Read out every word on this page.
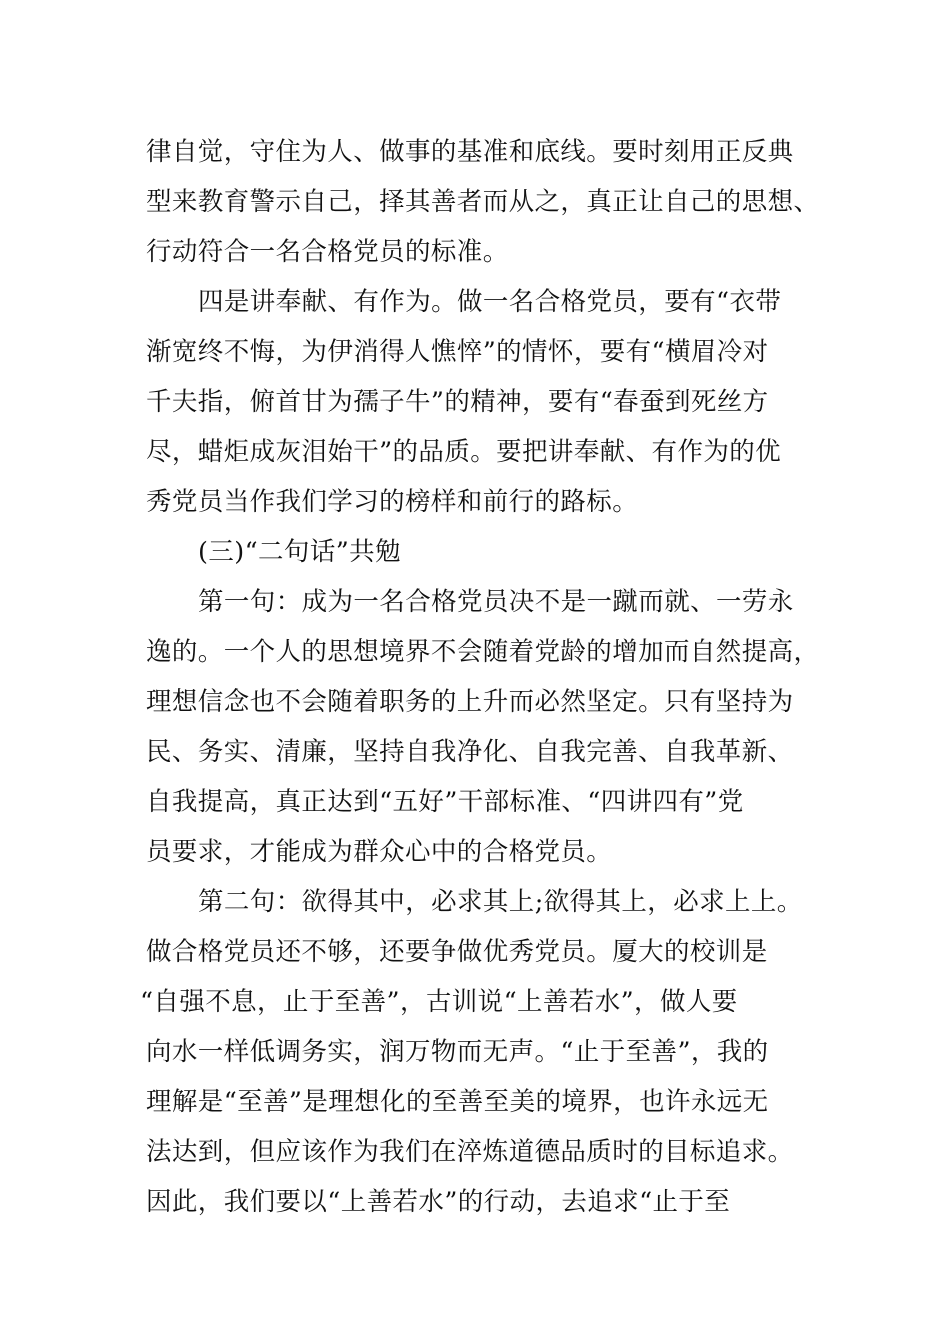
律自觉，守住为人、做事的基准和底线。要时刻用正反典
型来教育警示自己，择其善者而从之，真正让自己的思想、
行动符合一名合格党员的标准。
四是讲奉献、有作为。做一名合格党员，要有“衣带
渐宽终不悔，为伊消得人憔悴”的情怀，要有“横眉冷对
千夫指，俯首甘为孺子牛”的精神，要有“春蚕到死丝方
尽，蜡炬成灰泪始干”的品质。要把讲奉献、有作为的优
秀党员当作我们学习的榜样和前行的路标。
(三)“二句话”共勉
第一句：成为一名合格党员决不是一蹴而就、一劳永
逸的。一个人的思想境界不会随着党龄的增加而自然提高，
理想信念也不会随着职务的上升而必然坚定。只有坚持为
民、务实、清廉，坚持自我净化、自我完善、自我革新、
自我提高，真正达到“五好”干部标准、“四讲四有”党
员要求，才能成为群众心中的合格党员。
第二句：欲得其中，必求其上;欲得其上，必求上上。
做合格党员还不够，还要争做优秀党员。厦大的校训是
“自强不息，止于至善”，古训说“上善若水”，做人要
向水一样低调务实，润万物而无声。“止于至善”，我的
理解是“至善”是理想化的至善至美的境界，也许永远无
法达到，但应该作为我们在淬炼道德品质时的目标追求。
因此，我们要以“上善若水”的行动，去追求“止于至
